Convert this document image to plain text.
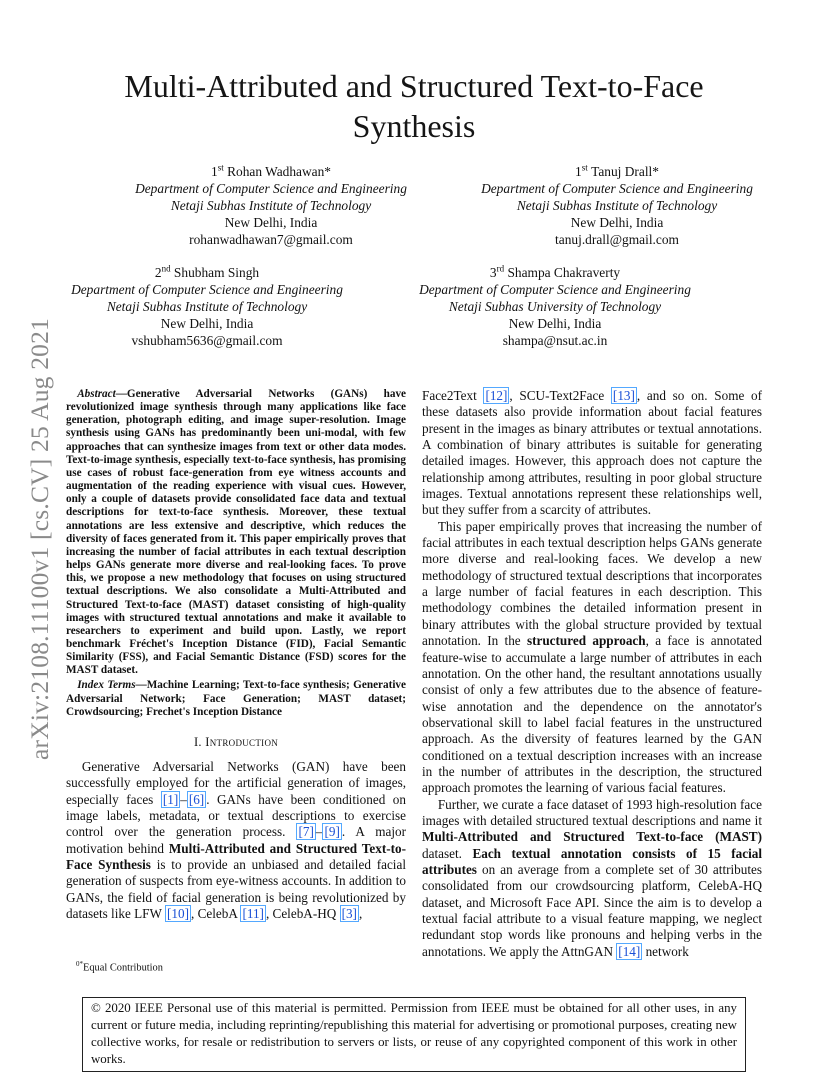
Multi-Attributed and Structured Text-to-Face Synthesis
1st Rohan Wadhawan*
Department of Computer Science and Engineering
Netaji Subhas Institute of Technology
New Delhi, India
rohanwadhawan7@gmail.com
1st Tanuj Drall*
Department of Computer Science and Engineering
Netaji Subhas Institute of Technology
New Delhi, India
tanuj.drall@gmail.com
2nd Shubham Singh
Department of Computer Science and Engineering
Netaji Subhas Institute of Technology
New Delhi, India
vshubham5636@gmail.com
3rd Shampa Chakraverty
Department of Computer Science and Engineering
Netaji Subhas University of Technology
New Delhi, India
shampa@nsut.ac.in
arXiv:2108.11100v1 [cs.CV] 25 Aug 2021	Abstract—Generative Adversarial Networks (GANs) have revolutionized image synthesis through many applications like face generation, photograph editing, and image super-resolution. Image synthesis using GANs has predominantly been uni-modal, with few approaches that can synthesize images from text or other data modes. Text-to-image synthesis, especially text-to-face synthesis, has promising use cases of robust face-generation from eye witness accounts and augmentation of the reading experience with visual cues. However, only a couple of datasets provide consolidated face data and textual descriptions for text-to-face synthesis. Moreover, these textual annotations are less extensive and descriptive, which reduces the diversity of faces generated from it. This paper empirically proves that increasing the number of facial attributes in each textual description helps GANs generate more diverse and real-looking faces. To prove this, we propose a new methodology that focuses on using structured textual descriptions. We also consolidate a Multi-Attributed and Structured Text-to-face (MAST) dataset consisting of high-quality images with structured textual annotations and make it available to researchers to experiment and build upon. Lastly, we report benchmark Fréchet's Inception Distance (FID), Facial Semantic Similarity (FSS), and Facial Semantic Distance (FSD) scores for the MAST dataset.

Index Terms—Machine Learning; Text-to-face synthesis; Generative Adversarial Network; Face Generation; MAST dataset; Crowdsourcing; Frechet's Inception Distance

I. Introduction

Generative Adversarial Networks (GAN) have been successfully employed for the artificial generation of images, especially faces [1] – [6] . GANs have been conditioned on image labels, metadata, or textual descriptions to exercise control over the generation process. [7] – [9] . A major motivation behind Multi-Attributed and Structured Text-to-Face Synthesis is to provide an unbiased and detailed facial generation of suspects from eye-witness accounts. In addition to GANs, the field of facial generation is being revolutionized by datasets like LFW [10] , CelebA [11] , CelebA-HQ [3] ,

$^{0*}$Equal Contribution

Face2Text [12] , SCU-Text2Face [13] , and so on. Some of these datasets also provide information about facial features present in the images as binary attributes or textual annotations. A combination of binary attributes is suitable for generating detailed images. However, this approach does not capture the relationship among attributes, resulting in poor global structure images. Textual annotations represent these relationships well, but they suffer from a scarcity of attributes.

This paper empirically proves that increasing the number of facial attributes in each textual description helps GANs generate more diverse and real-looking faces. We develop a new methodology of structured textual descriptions that incorporates a large number of facial features in each description. This methodology combines the detailed information present in binary attributes with the global structure provided by textual annotation. In the structured approach, a face is annotated feature-wise to accumulate a large number of attributes in each annotation. On the other hand, the resultant annotations usually consist of only a few attributes due to the absence of feature-wise annotation and the dependence on the annotator's observational skill to label facial features in the unstructured approach. As the diversity of features learned by the GAN conditioned on a textual description increases with an increase in the number of attributes in the description, the structured approach promotes the learning of various facial features.

Further, we curate a face dataset of 1993 high-resolution face images with detailed structured textual descriptions and name it Multi-Attributed and Structured Text-to-face (MAST) dataset. Each textual annotation consists of 15 facial attributes on an average from a complete set of 30 attributes consolidated from our crowdsourcing platform, CelebA-HQ dataset, and Microsoft Face API. Since the aim is to develop a textual facial attribute to a visual feature mapping, we neglect redundant stop words like pronouns and helping verbs in the annotations. We apply the AttnGAN [14] network

© 2020 IEEE Personal use of this material is permitted. Permission from IEEE must be obtained for all other uses, in any current or future media, including reprinting/republishing this material for advertising or promotional purposes, creating new collective works, for resale or redistribution to servers or lists, or reuse of any copyrighted component of this work in other works.
